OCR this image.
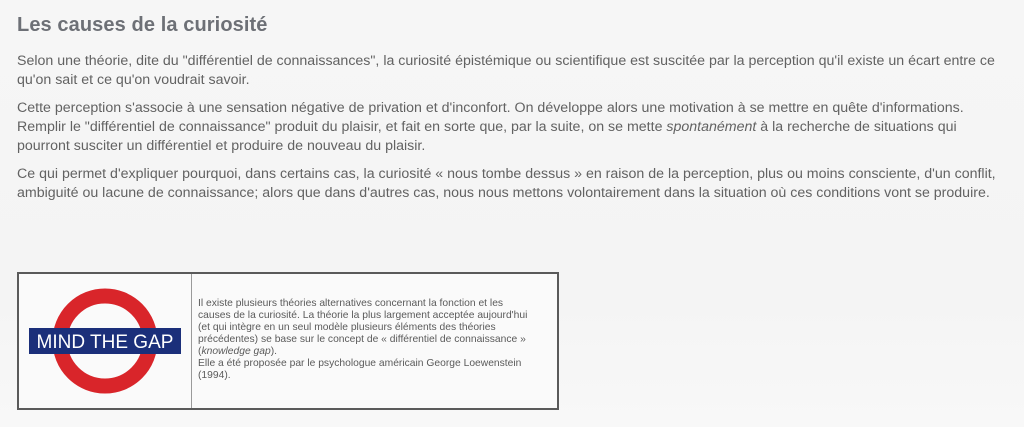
Les causes de la curiosité

Selon une théorie, dite du "différentiel de connaissances", la curiosité épistémique ou scientifique est suscitée par la perception qu'il existe un écart entre ce qu'on sait et ce qu'on voudrait savoir.

Cette perception s'associe à une sensation négative de privation et d'inconfort. On développe alors une motivation à se mettre en quête d'informations. Remplir le "différentiel de connaissance" produit du plaisir, et fait en sorte que, par la suite, on se mette spontanément à la recherche de situations qui pourront susciter un différentiel et produire de nouveau du plaisir.

Ce qui permet d'expliquer pourquoi, dans certains cas, la curiosité « nous tombe dessus » en raison de la perception, plus ou moins consciente, d'un conflit, ambiguité ou lacune de connaissance; alors que dans d'autres cas, nous nous mettons volontairement dans la situation où ces conditions vont se produire.

MIND THE GAP
Il existe plusieurs théories alternatives concernant la fonction et les
causes de la curiosité. La théorie la plus largement acceptée aujourd'hui
(et qui intègre en un seul modèle plusieurs éléments des théories
précédentes) se base sur le concept de « différentiel de connaissance »
(knowledge gap).
Elle a été proposée par le psychologue américain George Loewenstein
(1994).
